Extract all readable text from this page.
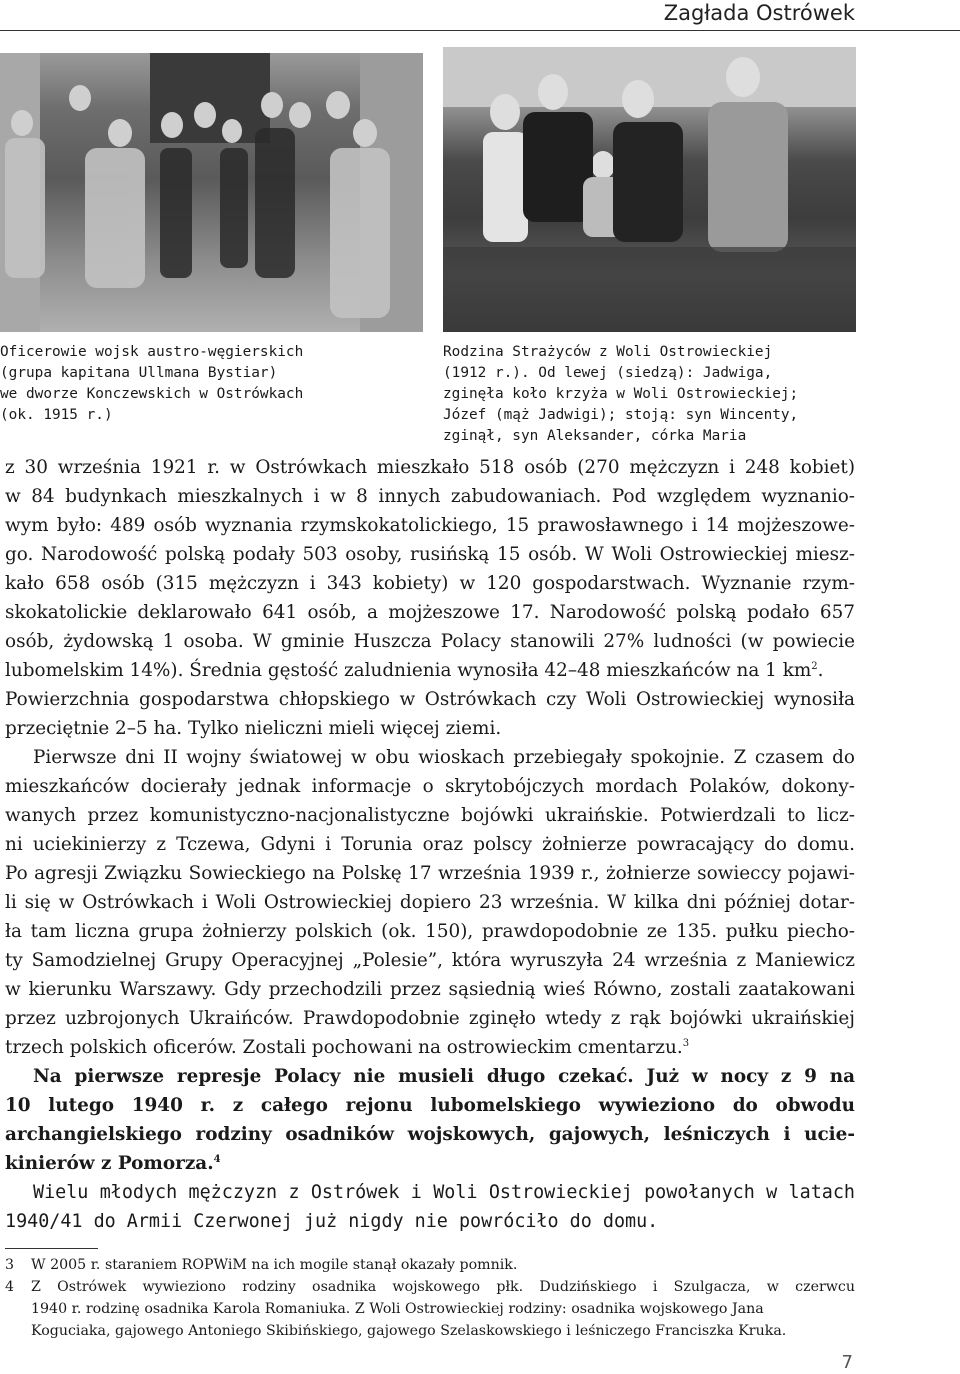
Zagłada Ostrówek
Oficerowie wojsk austro-węgierskich
(grupa kapitana Ullmana Bystiar)
we dworze Konczewskich w Ostrówkach
(ok. 1915 r.)
Rodzina Strażyców z Woli Ostrowieckiej
(1912 r.). Od lewej (siedzą): Jadwiga,
zginęła koło krzyża w Woli Ostrowieckiej;
Józef (mąż Jadwigi); stoją: syn Wincenty,
zginął, syn Aleksander, córka Maria
z 30 września 1921 r. w Ostrówkach mieszkało 518 osób (270 mężczyzn i 248 kobiet)
w 84 budynkach mieszkalnych i w 8 innych zabudowaniach. Pod względem wyznanio-
wym było: 489 osób wyznania rzymskokatolickiego, 15 prawosławnego i 14 mojżeszowe-
go. Narodowość polską podały 503 osoby, rusińską 15 osób. W Woli Ostrowieckiej miesz-
kało 658 osób (315 mężczyzn i 343 kobiety) w 120 gospodarstwach. Wyznanie rzym-
skokatolickie deklarowało 641 osób, a mojżeszowe 17. Narodowość polską podało 657
osób, żydowską 1 osoba. W gminie Huszcza Polacy stanowili 27% ludności (w powiecie
lubomelskim 14%). Średnia gęstość zaludnienia wynosiła 42–48 mieszkańców na 1 $km^2$.
Powierzchnia gospodarstwa chłopskiego w Ostrówkach czy Woli Ostrowieckiej wynosiła
przeciętnie 2–5 ha. Tylko nieliczni mieli więcej ziemi.
Pierwsze dni II wojny światowej w obu wioskach przebiegały spokojnie. Z czasem do
mieszkańców docierały jednak informacje o skrytobójczych mordach Polaków, dokony-
wanych przez komunistyczno-nacjonalistyczne bojówki ukraińskie. Potwierdzali to licz-
ni uciekinierzy z Tczewa, Gdyni i Torunia oraz polscy żołnierze powracający do domu.
Po agresji Związku Sowieckiego na Polskę 17 września 1939 r., żołnierze sowieccy pojawi-
li się w Ostrówkach i Woli Ostrowieckiej dopiero 23 września. W kilka dni później dotar-
ła tam liczna grupa żołnierzy polskich (ok. 150), prawdopodobnie ze 135. pułku piecho-
ty Samodzielnej Grupy Operacyjnej „Polesie”, która wyruszyła 24 września z Maniewicz
w kierunku Warszawy. Gdy przechodzili przez sąsiednią wieś Równo, zostali zaatakowani
przez uzbrojonych Ukraińców. Prawdopodobnie zginęło wtedy z rąk bojówki ukraińskiej
trzech polskich oficerów. Zostali pochowani na ostrowieckim cmentarzu.$^3$
Na pierwsze represje Polacy nie musieli długo czekać. Już w nocy z 9 na
10 lutego 1940 r. z całego rejonu lubomelskiego wywieziono do obwodu
archangielskiego rodziny osadników wojskowych, gajowych, leśniczych i ucie-
kinierów z Pomorza.$^4$
Wielu młodych mężczyzn z Ostrówek i Woli Ostrowieckiej powołanych w latach
1940/41 do Armii Czerwonej już nigdy nie powróciło do domu.
3 W 2005 r. staraniem ROPWiM na ich mogile stanął okazały pomnik.
4 Z Ostrówek wywieziono rodziny osadnika wojskowego płk. Dudzińskiego i Szulgacza, w czerwcu
1940 r. rodzinę osadnika Karola Romaniuka. Z Woli Ostrowieckiej rodziny: osadnika wojskowego Jana
Koguciaka, gajowego Antoniego Skibińskiego, gajowego Szelaskowskiego i leśniczego Franciszka Kruka.
7
